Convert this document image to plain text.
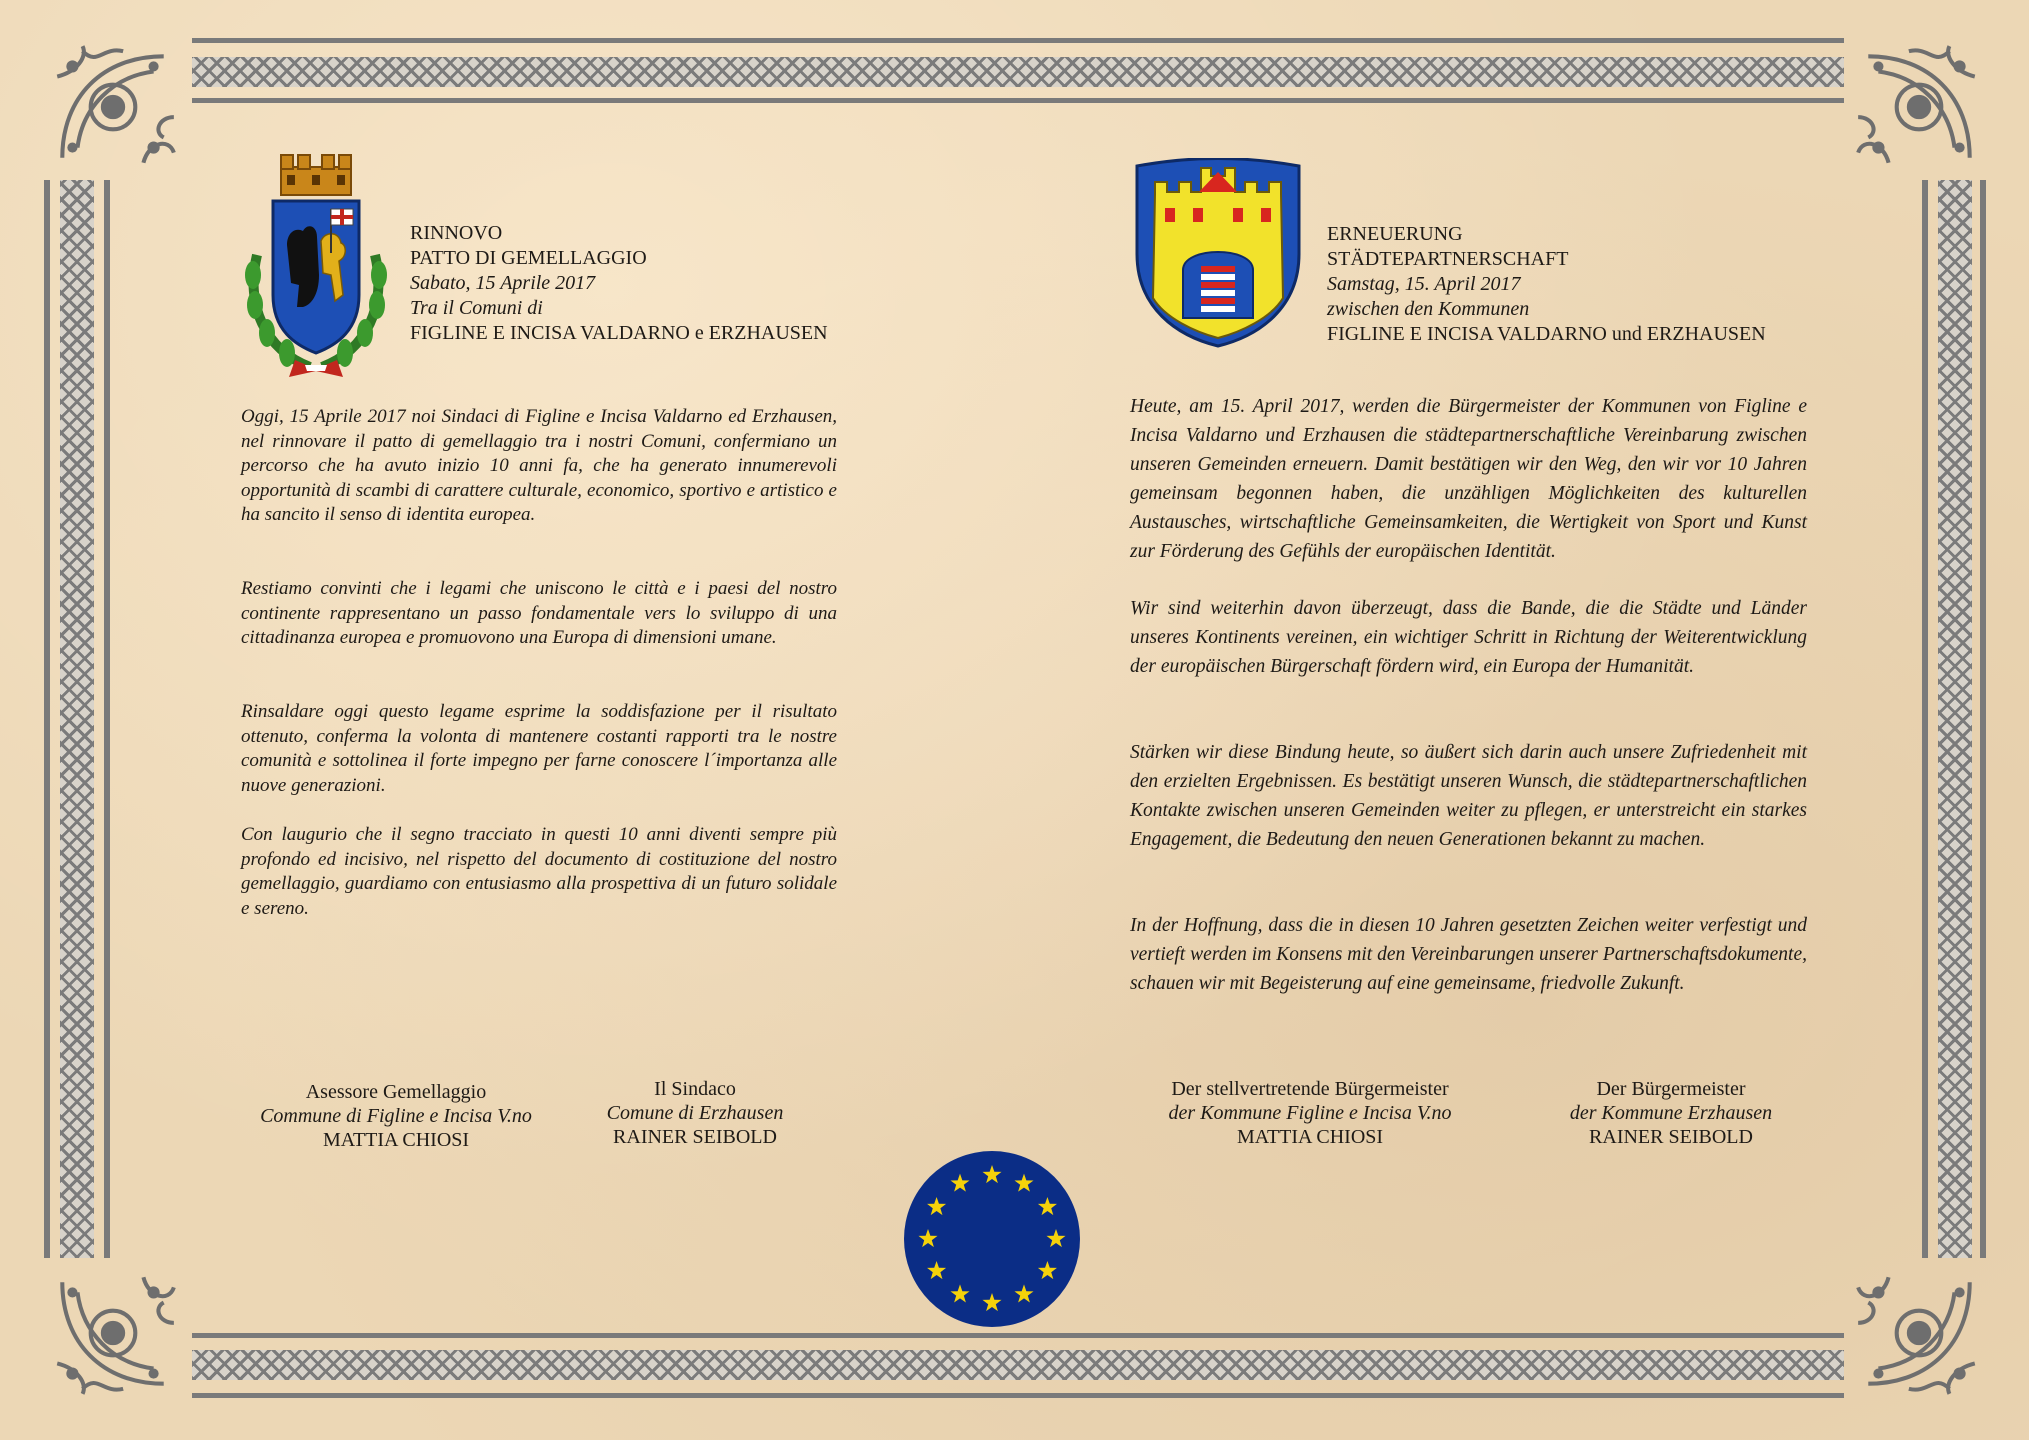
RINNOVO
PATTO DI GEMELLAGGIO
Sabato, 15 Aprile 2017
Tra il Comuni di
FIGLINE E INCISA VALDARNO e ERZHAUSEN

Oggi, 15 Aprile 2017 noi Sindaci di Figline e Incisa Valdarno ed Erzhausen, nel rinnovare il patto di gemellaggio tra i nostri Comuni, confermiano un percorso che ha avuto inizio 10 anni fa, che ha generato innumerevoli opportunità di scambi di carattere culturale, economico, sportivo e artistico e ha sancito il senso di identita europea.

Restiamo convinti che i legami che uniscono le città e i paesi del nostro continente rappresentano un passo fondamentale vers lo sviluppo di una cittadinanza europea e promuovono una Europa di dimensioni umane.

Rinsaldare oggi questo legame esprime la soddisfazione per il risultato ottenuto, conferma la volonta di mantenere costanti rapporti tra le nostre comunità e sottolinea il forte impegno per farne conoscere l´importanza alle nuove generazioni.

Con lаugurio che il segno tracciato in questi 10 anni diventi sempre più profondo ed incisivo, nel rispetto del documento di costituzione del nostro gemellaggio, guardiamo con entusiasmo alla prospettiva di un futuro solidale e sereno.

Asessore Gemellaggio
Commune di Figline e Incisa V.no
MATTIA CHIOSI
Il Sindaco
Comune di Erzhausen
RAINER SEIBOLD
ERNEUERUNG
STÄDTEPARTNERSCHAFT
Samstag, 15. April 2017
zwischen den Kommunen
FIGLINE E INCISA VALDARNO und ERZHAUSEN

Heute, am 15. April 2017, werden die Bürgermeister der Kommunen von Figline e Incisa Valdarno und Erzhausen die städtepartnerschaftliche Vereinbarung zwischen unseren Gemeinden erneuern. Damit bestätigen wir den Weg, den wir vor 10 Jahren gemeinsam begonnen haben, die unzähligen Möglichkeiten des kulturellen Austausches, wirtschaftliche Gemeinsamkeiten, die Wertigkeit von Sport und Kunst zur Förderung des Gefühls der europäischen Identität.

Wir sind weiterhin davon überzeugt, dass die Bande, die die Städte und Länder unseres Kontinents vereinen, ein wichtiger Schritt in Richtung der Weiterentwicklung der europäischen Bürgerschaft fördern wird, ein Europa der Humanität.

Stärken wir diese Bindung heute, so äußert sich darin auch unsere Zufriedenheit mit den erzielten Ergebnissen. Es bestätigt unseren Wunsch, die städtepartnerschaftlichen Kontakte zwischen unseren Gemeinden weiter zu pflegen, er unterstreicht ein starkes Engagement, die Bedeutung den neuen Generationen bekannt zu machen.

In der Hoffnung, dass die in diesen 10 Jahren gesetzten Zeichen weiter verfestigt und vertieft werden im Konsens mit den Vereinbarungen unserer Partnerschaftsdokumente, schauen wir mit Begeisterung auf eine gemeinsame, friedvolle Zukunft.

Der stellvertretende Bürgermeister
der Kommune Figline e Incisa V.no
MATTIA CHIOSI
Der Bürgermeister
der Kommune Erzhausen
RAINER SEIBOLD
